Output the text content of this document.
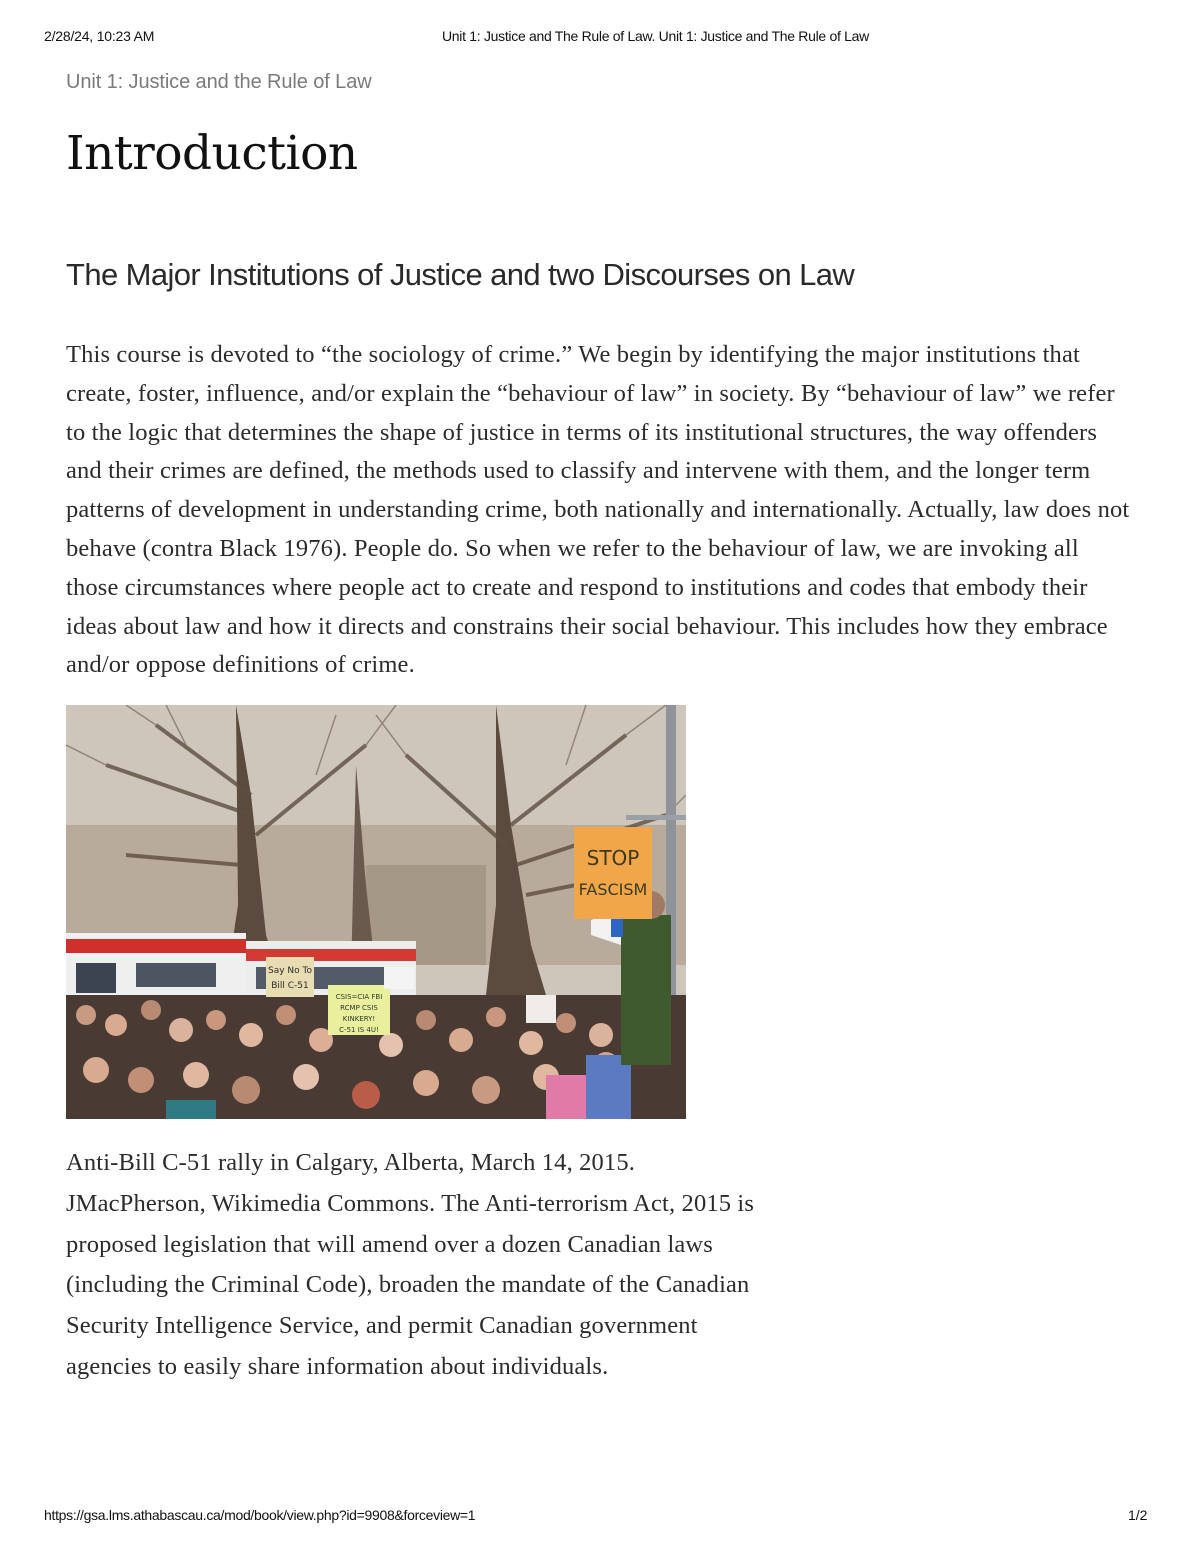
2/28/24, 10:23 AM	Unit 1: Justice and The Rule of Law. Unit 1: Justice and The Rule of Law

Unit 1: Justice and the Rule of Law

Introduction
The Major Institutions of Justice and two Discourses on Law

This course is devoted to “the sociology of crime.” We begin by identifying the major institutions that create, foster, influence, and/or explain the “behaviour of law” in society. By “behaviour of law” we refer to the logic that determines the shape of justice in terms of its institutional structures, the way offenders and their crimes are defined, the methods used to classify and intervene with them, and the longer term patterns of development in understanding crime, both nationally and internationally. Actually, law does not behave (contra Black 1976). People do. So when we refer to the behaviour of law, we are invoking all those circumstances where people act to create and respond to institutions and codes that embody their ideas about law and how it directs and constrains their social behaviour. This includes how they embrace and/or oppose definitions of crime.

STOP
FASCISM
Say No To
Bill C-51
CSIS=CIA FBI
RCMP CSIS
KINKERY!
C-51 IS 4U!
Anti-Bill C-51 rally in Calgary, Alberta, March 14, 2015. JMacPherson, Wikimedia Commons. The Anti-terrorism Act, 2015 is proposed legislation that will amend over a dozen Canadian laws (including the Criminal Code), broaden the mandate of the Canadian Security Intelligence Service, and permit Canadian government agencies to easily share information about individuals.
https://gsa.lms.athabascau.ca/mod/book/view.php?id=9908&forceview=1	1/2
